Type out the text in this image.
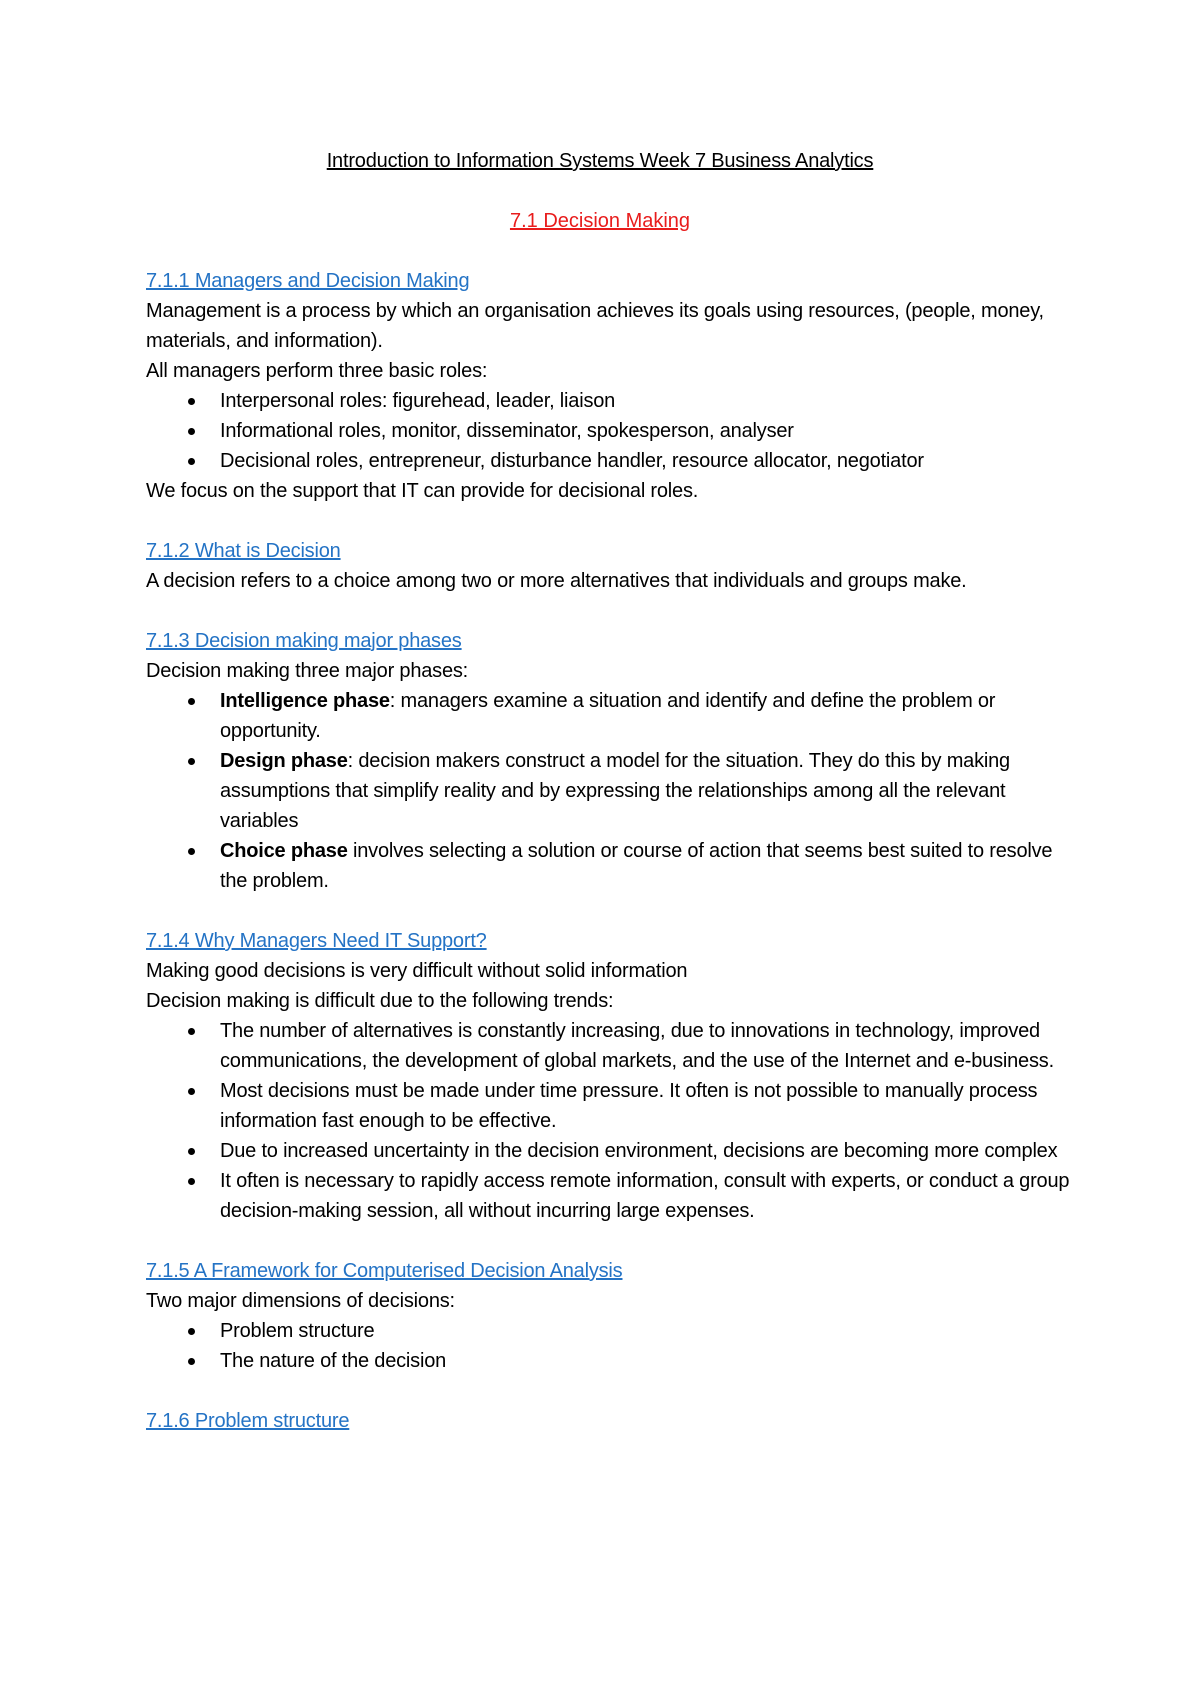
Introduction to Information Systems Week 7 Business Analytics
7.1 Decision Making
7.1.1 Managers and Decision Making
Management is a process by which an organisation achieves its goals using resources, (people, money, materials, and information).
All managers perform three basic roles:
Interpersonal roles: figurehead, leader, liaison
Informational roles, monitor, disseminator, spokesperson, analyser
Decisional roles, entrepreneur, disturbance handler, resource allocator, negotiator
We focus on the support that IT can provide for decisional roles.
7.1.2 What is Decision
A decision refers to a choice among two or more alternatives that individuals and groups make.
7.1.3 Decision making major phases
Decision making three major phases:
Intelligence phase: managers examine a situation and identify and define the problem or opportunity.
Design phase: decision makers construct a model for the situation. They do this by making assumptions that simplify reality and by expressing the relationships among all the relevant variables
Choice phase involves selecting a solution or course of action that seems best suited to resolve the problem.
7.1.4 Why Managers Need IT Support?
Making good decisions is very difficult without solid information
Decision making is difficult due to the following trends:
The number of alternatives is constantly increasing, due to innovations in technology, improved communications, the development of global markets, and the use of the Internet and e-business.
Most decisions must be made under time pressure. It often is not possible to manually process information fast enough to be effective.
Due to increased uncertainty in the decision environment, decisions are becoming more complex
It often is necessary to rapidly access remote information, consult with experts, or conduct a group decision-making session, all without incurring large expenses.
7.1.5 A Framework for Computerised Decision Analysis
Two major dimensions of decisions:
Problem structure
The nature of the decision
7.1.6 Problem structure
